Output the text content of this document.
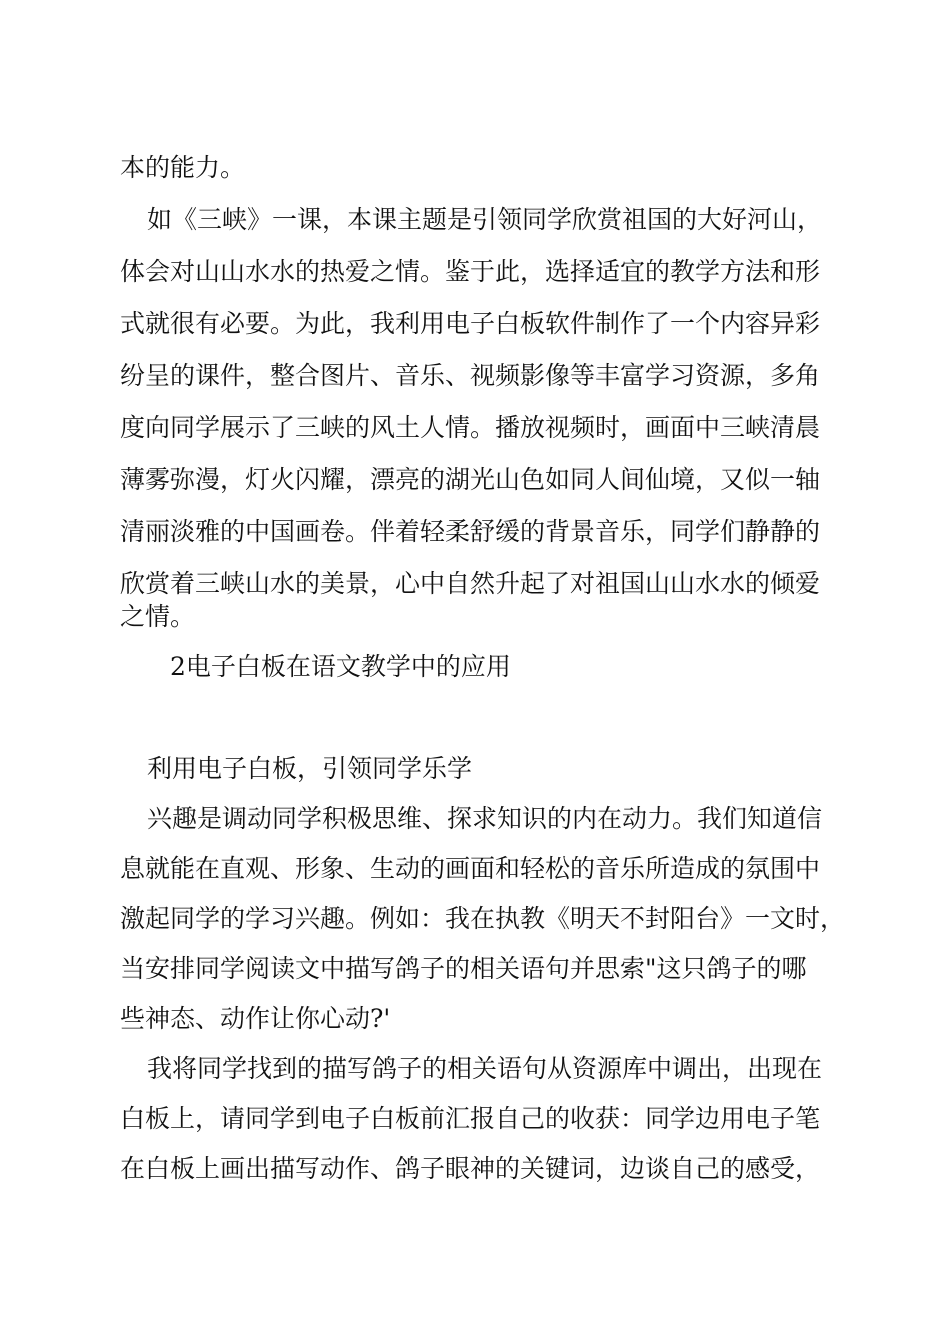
本的能力。
如《三峡》一课，本课主题是引领同学欣赏祖国的大好河山，
体会对山山水水的热爱之情。鉴于此，选择适宜的教学方法和形
式就很有必要。为此，我利用电子白板软件制作了一个内容异彩
纷呈的课件，整合图片、音乐、视频影像等丰富学习资源，多角
度向同学展示了三峡的风土人情。播放视频时，画面中三峡清晨
薄雾弥漫，灯火闪耀，漂亮的湖光山色如同人间仙境，又似一轴
清丽淡雅的中国画卷。伴着轻柔舒缓的背景音乐，同学们静静的
欣赏着三峡山水的美景，心中自然升起了对祖国山山水水的倾爱
之情。
2电子白板在语文教学中的应用
利用电子白板，引领同学乐学
兴趣是调动同学积极思维、探求知识的内在动力。我们知道信
息就能在直观、形象、生动的画面和轻松的音乐所造成的氛围中
激起同学的学习兴趣。例如：我在执教《明天不封阳台》一文时，
当安排同学阅读文中描写鸽子的相关语句并思索"这只鸽子的哪
些神态、动作让你心动?'
我将同学找到的描写鸽子的相关语句从资源库中调出，出现在
白板上，请同学到电子白板前汇报自己的收获：同学边用电子笔
在白板上画出描写动作、鸽子眼神的关键词，边谈自己的感受，
